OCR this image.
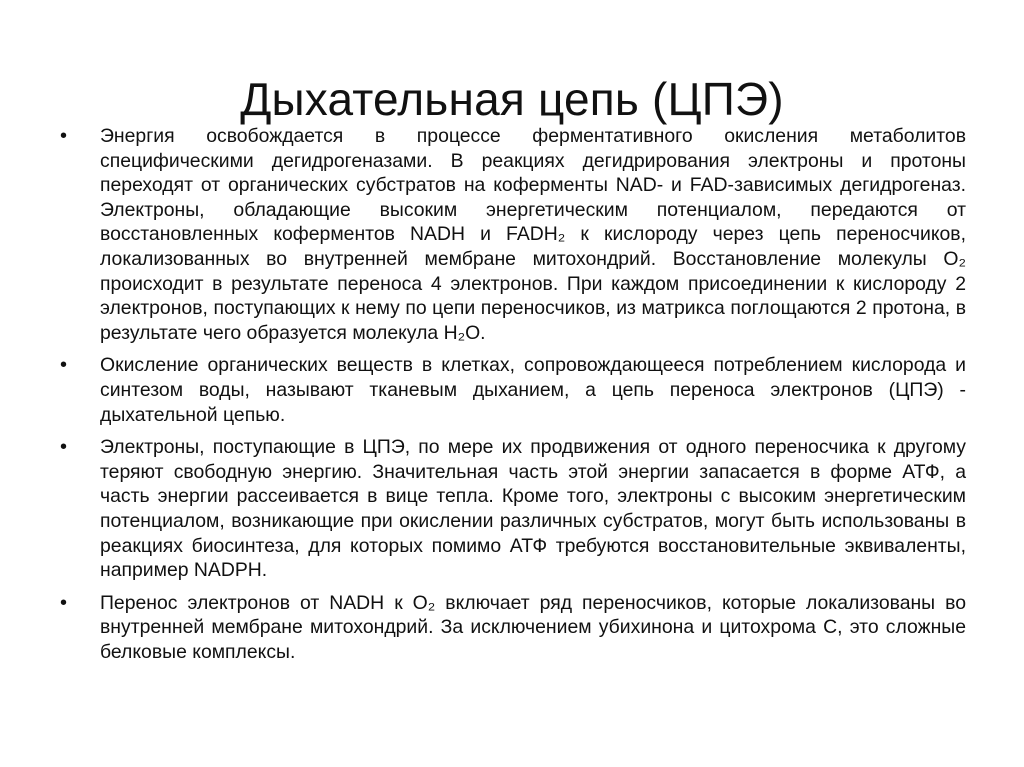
Дыхательная цепь (ЦПЭ)
• Энергия освобождается в процессе ферментативного окисления метаболитов специфическими дегидрогеназами. В реакциях дегидрирования электроны и протоны переходят от органических субстратов на коферменты NAD- и FAD-зависимых дегидрогеназ. Электроны, обладающие высоким энергетическим потенциалом, передаются от восстановленных коферментов NADH и FADH₂ к кислороду через цепь переносчиков, локализованных во внутренней мембране митохондрий. Восстановление молекулы O₂ происходит в результате переноса 4 электронов. При каждом присоединении к кислороду 2 электронов, поступающих к нему по цепи переносчиков, из матрикса поглощаются 2 протона, в результате чего образуется молекула H₂O.
• Окисление органических веществ в клетках, сопровождающееся потреблением кислорода и синтезом воды, называют тканевым дыханием, а цепь переноса электронов (ЦПЭ) - дыхательной цепью.
• Электроны, поступающие в ЦПЭ, по мере их продвижения от одного переносчика к другому теряют свободную энергию. Значительная часть этой энергии запасается в форме АТФ, а часть энергии рассеивается в вице тепла. Кроме того, электроны с высоким энергетическим потенциалом, возникающие при окислении различных субстратов, могут быть использованы в реакциях биосинтеза, для которых помимо АТФ требуются восстановительные эквиваленты, например NADPH.
• Перенос электронов от NADH к O₂ включает ряд переносчиков, которые локализованы во внутренней мембране митохондрий. За исключением убихинона и цитохрома С, это сложные белковые комплексы.
